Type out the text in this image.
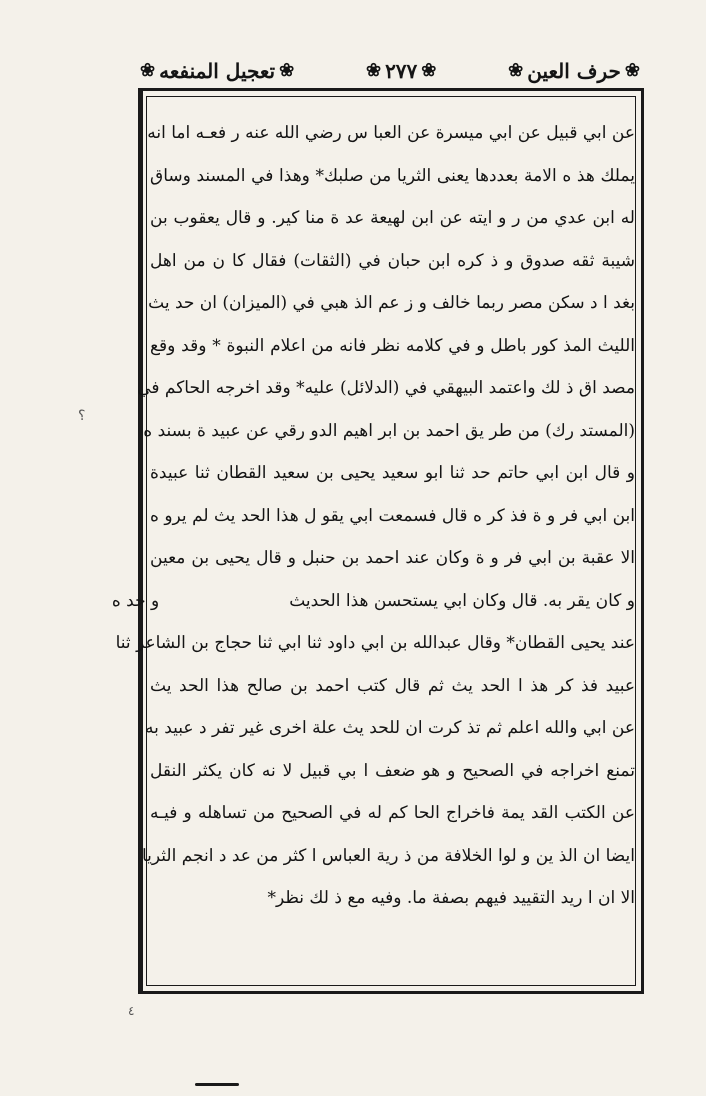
❀
تعجيل المنفعه
❀	❀
٢٧٧
❀	❀
حرف العين
❀
عن ابي قبيل عن ابي ميسرة عن العبا س رضي الله عنه ر فعـه اما انه
يملك هذ ه الامة بعددها يعنى الثريا من صلبك* وهذا في المسند وساق
له ابن عدي من ر و ايته عن ابن لهيعة عد ة منا كير. و قال يعقوب بن
شيبة ثقه صدوق و ذ كره ابن حبان في (الثقات) فقال كا ن من اهل
بغد ا د سكن مصر ربما خالف و ز عم الذ هبي في (الميزان) ان حد يث
الليث المذ كور باطل و في كلامه نظر فانه من اعلام النبوة * وقد وقع
مصد اق ذ لك واعتمد البيهقي في (الدلائل) عليه* وقد اخرجه الحاكم في
(المستد رك) من طر يق احمد بن ابر اهيم الدو رقي عن عبيد ة بسند ه
و قال ابن ابي حاتم حد ثنا ابو سعيد يحيى بن سعيد القطان ثنا عبيدة
ابن ابي فر و ة فذ كر ه قال فسمعت ابي يقو ل هذا الحد يث لم يرو ه
الا عقبة بن ابي فر و ة وكان عند احمد بن حنبل و قال يحيى بن معين
و كان يقر به. قال وكان ابي يستحسن هذا الحديثو حد ه
عند يحيى القطان* وقال عبدالله بن ابي داود ثنا ابي ثنا حجاج بن الشاعر ثنا
عبيد فذ كر هذ ا الحد يث ثم قال كتب احمد بن صالح هذا الحد يث
عن ابي والله اعلم ثم تذ كرت ان للحد يث علة اخرى غير تفر د عبيد به
تمنع اخراجه في الصحيح و هو ضعف ا بي قبيل لا نه كان يكثر النقل
عن الكتب القد يمة فاخراج الحا كم له في الصحيح من تساهله و فيـه
ايضا ان الذ ين و لوا الخلافة من ذ رية العباس ا كثر من عد د انجم الثريا
الا ان ا ريد التقييد فيهم بصفة ما. وفيه مع ذ لك نظر*
؟
٤
